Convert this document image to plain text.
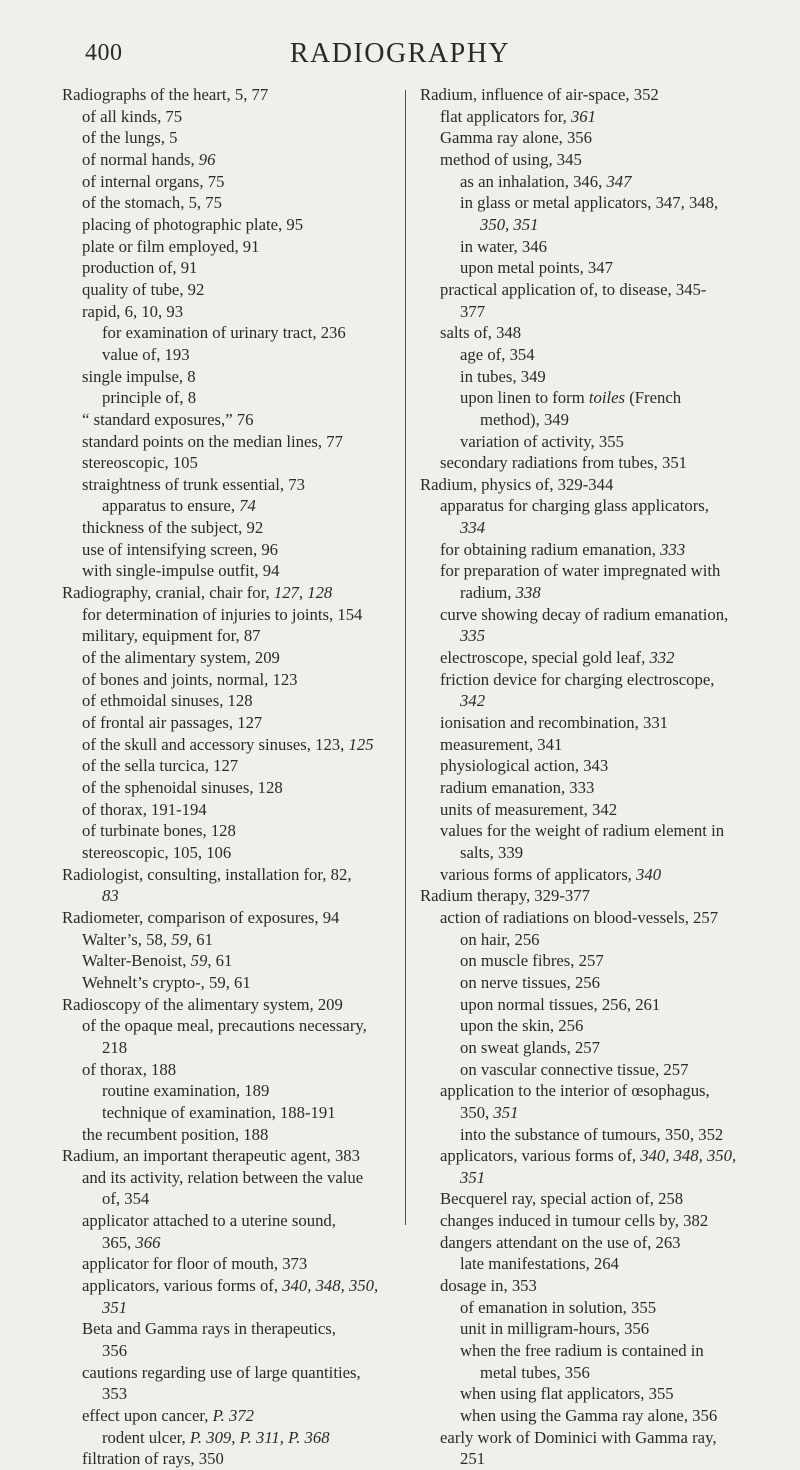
400	RADIOGRAPHY
Radiographs of the heart, 5, 77
of all kinds, 75
of the lungs, 5
of normal hands, 96
of internal organs, 75
of the stomach, 5, 75
placing of photographic plate, 95
plate or film employed, 91
production of, 91
quality of tube, 92
rapid, 6, 10, 93
for examination of urinary tract, 236
value of, 193
single impulse, 8
principle of, 8
“ standard exposures,” 76
standard points on the median lines, 77
stereoscopic, 105
straightness of trunk essential, 73
apparatus to ensure, 74
thickness of the subject, 92
use of intensifying screen, 96
with single-impulse outfit, 94
Radiography, cranial, chair for, 127, 128
for determination of injuries to joints, 154
military, equipment for, 87
of the alimentary system, 209
of bones and joints, normal, 123
of ethmoidal sinuses, 128
of frontal air passages, 127
of the skull and accessory sinuses, 123, 125
of the sella turcica, 127
of the sphenoidal sinuses, 128
of thorax, 191-194
of turbinate bones, 128
stereoscopic, 105, 106
Radiologist, consulting, installation for, 82,
83
Radiometer, comparison of exposures, 94
Walter’s, 58, 59, 61
Walter-Benoist, 59, 61
Wehnelt’s crypto-, 59, 61
Radioscopy of the alimentary system, 209
of the opaque meal, precautions necessary,
218
of thorax, 188
routine examination, 189
technique of examination, 188-191
the recumbent position, 188
Radium, an important therapeutic agent, 383
and its activity, relation between the value
of, 354
applicator attached to a uterine sound,
365, 366
applicator for floor of mouth, 373
applicators, various forms of, 340, 348, 350,
351
Beta and Gamma rays in therapeutics,
356
cautions regarding use of large quantities,
353
effect upon cancer, P. 372
rodent ulcer, P. 309, P. 311, P. 368
filtration of rays, 350
Radium, influence of air-space, 352
flat applicators for, 361
Gamma ray alone, 356
method of using, 345
as an inhalation, 346, 347
in glass or metal applicators, 347, 348,
350, 351
in water, 346
upon metal points, 347
practical application of, to disease, 345-
377
salts of, 348
age of, 354
in tubes, 349
upon linen to form toiles (French
method), 349
variation of activity, 355
secondary radiations from tubes, 351
Radium, physics of, 329-344
apparatus for charging glass applicators,
334
for obtaining radium emanation, 333
for preparation of water impregnated with
radium, 338
curve showing decay of radium emanation,
335
electroscope, special gold leaf, 332
friction device for charging electroscope,
342
ionisation and recombination, 331
measurement, 341
physiological action, 343
radium emanation, 333
units of measurement, 342
values for the weight of radium element in
salts, 339
various forms of applicators, 340
Radium therapy, 329-377
action of radiations on blood-vessels, 257
on hair, 256
on muscle fibres, 257
on nerve tissues, 256
upon normal tissues, 256, 261
upon the skin, 256
on sweat glands, 257
on vascular connective tissue, 257
application to the interior of œsophagus,
350, 351
into the substance of tumours, 350, 352
applicators, various forms of, 340, 348, 350,
351
Becquerel ray, special action of, 258
changes induced in tumour cells by, 382
dangers attendant on the use of, 263
late manifestations, 264
dosage in, 353
of emanation in solution, 355
unit in milligram-hours, 356
when the free radium is contained in
metal tubes, 356
when using flat applicators, 355
when using the Gamma ray alone, 356
early work of Dominici with Gamma ray,
251
